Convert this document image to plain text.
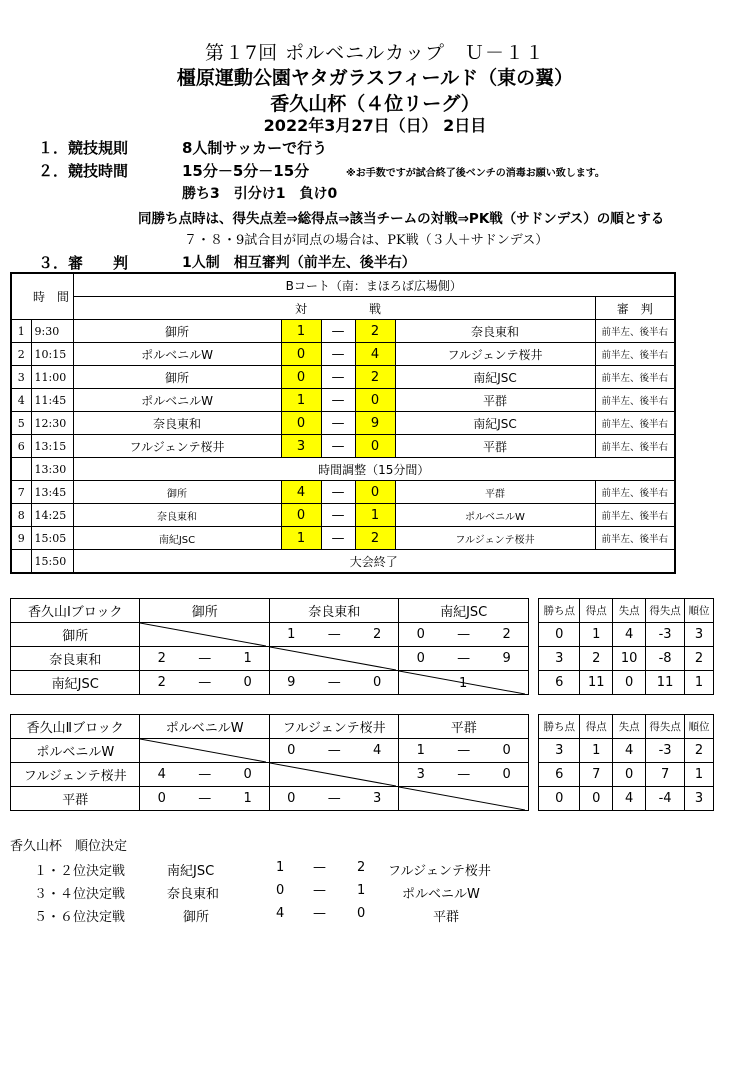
第１7回 ポルベニルカップ　Ｕ－１１
橿原運動公園ヤタガラスフィールド（東の翼）
香久山杯（４位リーグ）
2022年3月27日（日） 2日目
１．競技規則	8人制サッカーで行う
２．競技時間	15分－5分－15分	※お手数ですが試合終了後ベンチの消毒お願い致します。
勝ち3　引分け1　負け0
同勝ち点時は、得失点差⇒総得点⇒該当チームの対戦⇒PK戦（サドンデス）の順とする
７・８・9試合目が同点の場合は、PK戦（３人＋サドンデス）
３．審　　判	1人制　相互審判（前半左、後半右）
	時　間	Bコート（南：まほろば広場側）					
			対		戦		審　判
1	9:30	御所	1	—	2	奈良東和	前半左、後半右
2	10:15	ポルベニルW	0	—	4	フルジェンテ桜井	前半左、後半右
3	11:00	御所	0	—	2	南紀JSC	前半左、後半右
4	11:45	ポルベニルW	1	—	0	平群	前半左、後半右
5	12:30	奈良東和	0	—	9	南紀JSC	前半左、後半右
6	13:15	フルジェンテ桜井	3	—	0	平群	前半左、後半右
	13:30	時間調整（15分間）					
7	13:45	御所	4	—	0	平群	前半左、後半右
8	14:25	奈良東和	0	—	1	ポルベニルW	前半左、後半右
9	15:05	南紀JSC	1	—	2	フルジェンテ桜井	前半左、後半右
	15:50	大会終了					
香久山Ⅰブロック	御所			奈良東和			南紀JSC				勝ち点	得点	失点	得失点	順位
御所				1	—	2	0	—	2		0	1	4	-3	3
奈良東和	2	—	1				0	—	9		3	2	10	-8	2
南紀JSC	2	—	0	9	—	0	1				6	11	0	11	1
香久山Ⅱブロック	ポルベニルW			フルジェンテ桜井			平群				勝ち点	得点	失点	得失点	順位
ポルベニルW				0	—	4	1	—	0		3	1	4	-3	2
フルジェンテ桜井	4	—	0				3	—	0		6	7	0	7	1
平群	0	—	1	0	—	3					0	0	4	-4	3
香久山杯　順位決定
１・２位決定戦	南紀JSC	1 — 2 フルジェンテ桜井
３・４位決定戦	奈良東和	0 — 1	ポルベニルW
５・６位決定戦	御所	4 — 0	平群
